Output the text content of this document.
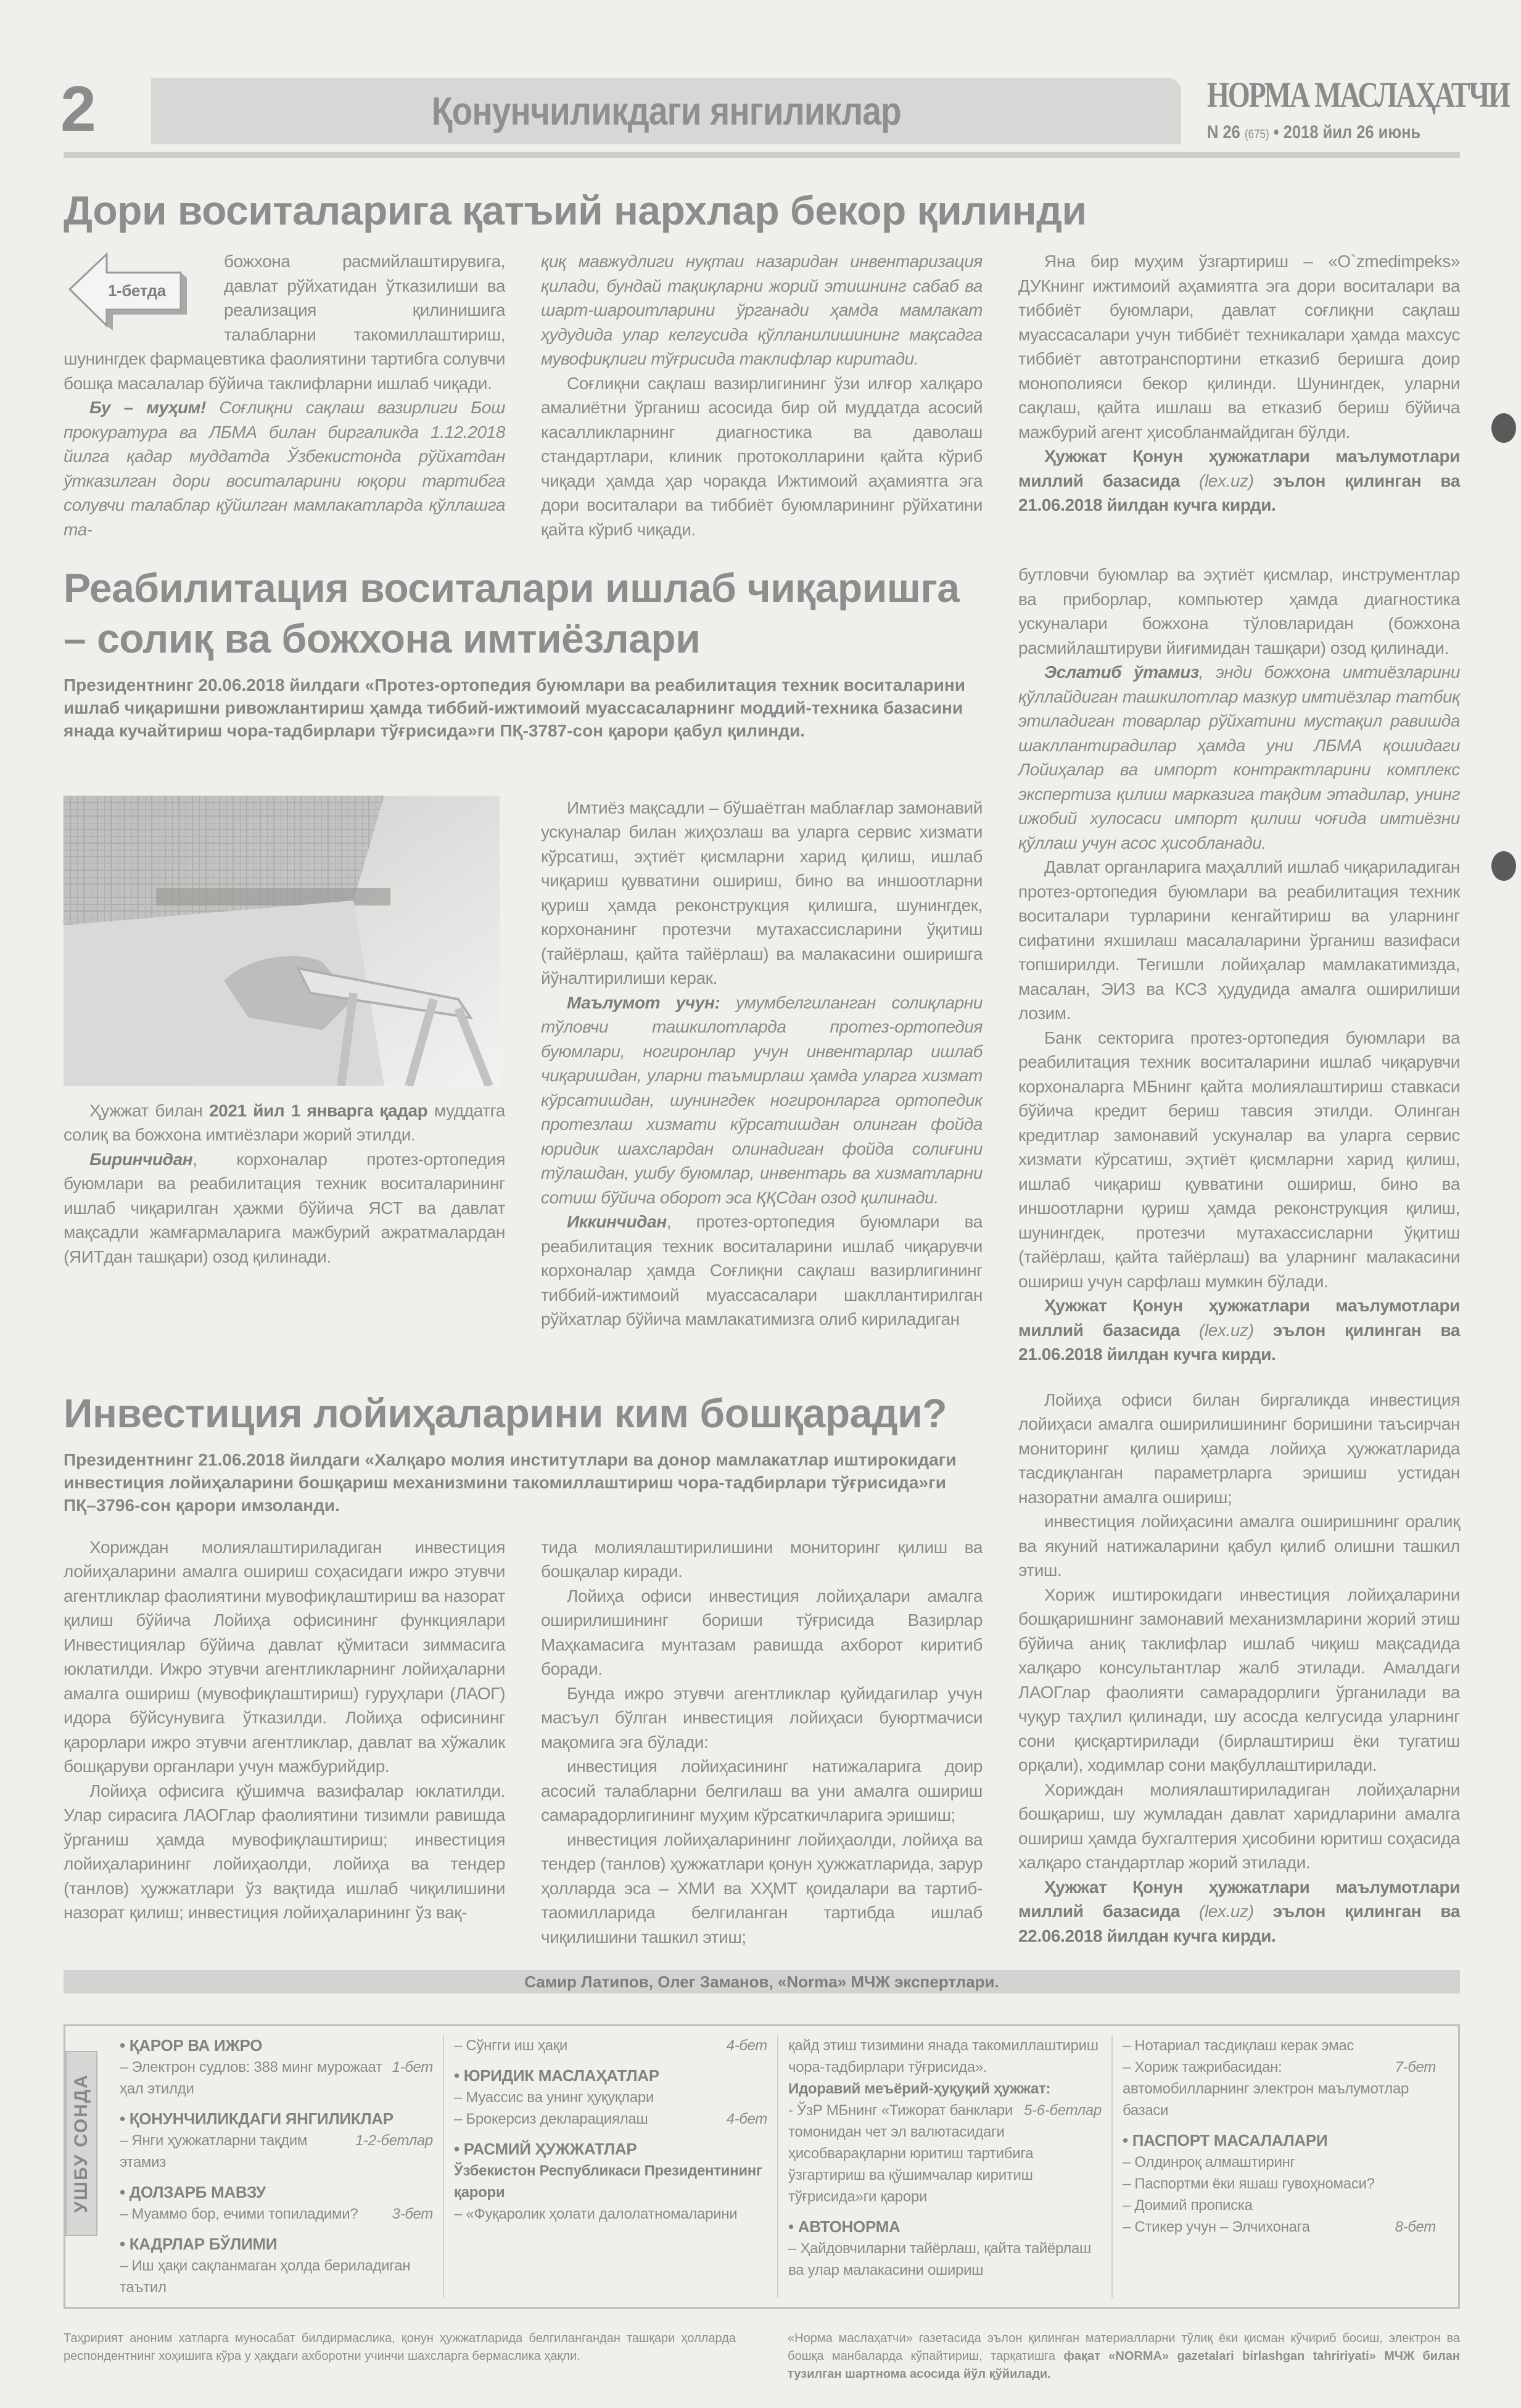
2	Қонунчиликдаги янгиликлар	НОРМА МАСЛАҲАТЧИ
N 26 (675) • 2018 йил 26 июнь
Дори воситаларига қатъий нархлар бекор қилинди
1-бетда

божхона расмийлаштирувига, давлат рўйхатидан ўтказилиши ва реализация қилинишига талабларни такомиллаштириш, шунингдек фармацевтика фаолиятини тартибга солувчи бошқа масалалар бўйича таклифларни ишлаб чиқади.

Бу – муҳим! Соғлиқни сақлаш вазирлиги Бош прокуратура ва ЛБМА билан биргаликда 1.12.2018 йилга қадар муддатда Ўзбекистонда рўйхатдан ўтказилган дори воситаларини юқори тартибга солувчи талаблар қўйилган мамлакатларда қўллашга та-

қиқ мавжудлиги нуқтаи назаридан инвентаризация қилади, бундай тақиқларни жорий этишнинг сабаб ва шарт-шароитларини ўрганади ҳамда мамлакат ҳудудида улар келгусида қўлланилишининг мақсадга мувофиқлиги тўғрисида таклифлар киритади.

Соғлиқни сақлаш вазирлигининг ўзи илғор халқаро амалиётни ўрганиш асосида бир ой муддатда асосий касалликларнинг диагностика ва даволаш стандартлари, клиник протоколларини қайта кўриб чиқади ҳамда ҳар чоракда Ижтимоий аҳамиятга эга дори воситалари ва тиббиёт буюмларининг рўйхатини қайта кўриб чиқади.

Яна бир муҳим ўзгартириш – «O`zmedimpeks» ДУКнинг ижтимоий аҳамиятга эга дори воситалари ва тиббиёт буюмлари, давлат соғлиқни сақлаш муассасалари учун тиббиёт техникалари ҳамда махсус тиббиёт автотранспортини етказиб беришга доир монополияси бекор қилинди. Шунингдек, уларни сақлаш, қайта ишлаш ва етказиб бериш бўйича мажбурий агент ҳисобланмайдиган бўлди.

Ҳужжат Қонун ҳужжатлари маълумотлари миллий базасида (lex.uz) эълон қилинган ва 21.06.2018 йилдан кучга кирди.

Реабилитация воситалари ишлаб чиқаришга – солиқ ва божхона имтиёзлари
Президентнинг 20.06.2018 йилдаги «Протез-ортопедия буюмлари ва реабилитация техник воситаларини ишлаб чиқаришни ривожлантириш ҳамда тиббий-ижтимоий муассасаларнинг моддий-техника базасини янада кучайтириш чора-тадбирлари тўғрисида»ги ПҚ-3787-сон қарори қабул қилинди.

Ҳужжат билан 2021 йил 1 январга қадар муддатга солиқ ва божхона имтиёзлари жорий этилди.

Биринчидан, корхоналар протез-ортопедия буюмлари ва реабилитация техник воситаларининг ишлаб чиқарилган ҳажми бўйича ЯСТ ва давлат мақсадли жамғармаларига мажбурий ажратмалардан (ЯИТдан ташқари) озод қилинади.

Имтиёз мақсадли – бўшаётган маблағлар замонавий ускуналар билан жиҳозлаш ва уларга сервис хизмати кўрсатиш, эҳтиёт қисмларни харид қилиш, ишлаб чиқариш қувватини ошириш, бино ва иншоотларни қуриш ҳамда реконструкция қилишга, шунингдек, корхонанинг протезчи мутахассисларини ўқитиш (тайёрлаш, қайта тайёрлаш) ва малакасини оширишга йўналтирилиши керак.

Маълумот учун: умумбелгиланган солиқларни тўловчи ташкилотларда протез-ортопедия буюмлари, ногиронлар учун инвентарлар ишлаб чиқаришдан, уларни таъмирлаш ҳамда уларга хизмат кўрсатишдан, шунингдек ногиронларга ортопедик протезлаш хизмати кўрсатишдан олинган фойда юридик шахслардан олинадиган фойда солиғини тўлашдан, ушбу буюмлар, инвентарь ва хизматларни сотиш бўйича оборот эса ҚҚСдан озод қилинади.

Иккинчидан, протез-ортопедия буюмлари ва реабилитация техник воситаларини ишлаб чиқарувчи корхоналар ҳамда Соғлиқни сақлаш вазирлигининг тиббий-ижтимоий муассасалари шакллантирилган рўйхатлар бўйича мамлакатимизга олиб кириладиган

бутловчи буюмлар ва эҳтиёт қисмлар, инструментлар ва приборлар, компьютер ҳамда диагностика ускуналари божхона тўловларидан (божхона расмийлаштируви йиғимидан ташқари) озод қилинади.

Эслатиб ўтамиз, энди божхона имтиёзларини қўллайдиган ташкилотлар мазкур имтиёзлар татбиқ этиладиган товарлар рўйхатини мустақил равишда шакллантирадилар ҳамда уни ЛБМА қошидаги Лойиҳалар ва импорт контрактларини комплекс экспертиза қилиш марказига тақдим этадилар, унинг ижобий хулосаси импорт қилиш чоғида имтиёзни қўллаш учун асос ҳисобланади.

Давлат органларига маҳаллий ишлаб чиқариладиган протез-ортопедия буюмлари ва реабилитация техник воситалари турларини кенгайтириш ва уларнинг сифатини яхшилаш масалаларини ўрганиш вазифаси топширилди. Тегишли лойиҳалар мамлакатимизда, масалан, ЭИЗ ва КСЗ ҳудудида амалга оширилиши лозим.

Банк секторига протез-ортопедия буюмлари ва реабилитация техник воситаларини ишлаб чиқарувчи корхоналарга МБнинг қайта молиялаштириш ставкаси бўйича кредит бериш тавсия этилди. Олинган кредитлар замонавий ускуналар ва уларга сервис хизмати кўрсатиш, эҳтиёт қисмларни харид қилиш, ишлаб чиқариш қувватини ошириш, бино ва иншоотларни қуриш ҳамда реконструкция қилиш, шунингдек, протезчи мутахассисларни ўқитиш (тайёрлаш, қайта тайёрлаш) ва уларнинг малакасини ошириш учун сарфлаш мумкин бўлади.

Ҳужжат Қонун ҳужжатлари маълумотлари миллий базасида (lex.uz) эълон қилинган ва 21.06.2018 йилдан кучга кирди.

Инвестиция лойиҳаларини ким бошқаради?
Президентнинг 21.06.2018 йилдаги «Халқаро молия институтлари ва донор мамлакатлар иштирокидаги инвестиция лойиҳаларини бошқариш механизмини такомиллаштириш чора-тадбирлари тўғрисида»ги ПҚ–3796-сон қарори имзоланди.

Хориждан молиялаштириладиган инвестиция лойиҳаларини амалга ошириш соҳасидаги ижро этувчи агентликлар фаолиятини мувофиқлаштириш ва назорат қилиш бўйича Лойиҳа офисининг функциялари Инвестициялар бўйича давлат қўмитаси зиммасига юклатилди. Ижро этувчи агентликларнинг лойиҳаларни амалга ошириш (мувофиқлаштириш) гуруҳлари (ЛАОГ) идора бўйсунувига ўтказилди. Лойиҳа офисининг қарорлари ижро этувчи агентликлар, давлат ва хўжалик бошқаруви органлари учун мажбурийдир.

Лойиҳа офисига қўшимча вазифалар юклатилди. Улар сирасига ЛАОГлар фаолиятини тизимли равишда ўрганиш ҳамда мувофиқлаштириш; инвестиция лойиҳаларининг лойиҳаолди, лойиҳа ва тендер (танлов) ҳужжатлари ўз вақтида ишлаб чиқилишини назорат қилиш; инвестиция лойиҳаларининг ўз вақ-

тида молиялаштирилишини мониторинг қилиш ва бошқалар киради.

Лойиҳа офиси инвестиция лойиҳалари амалга оширилишининг бориши тўғрисида Вазирлар Маҳкамасига мунтазам равишда ахборот киритиб боради.

Бунда ижро этувчи агентликлар қуйидагилар учун масъул бўлган инвестиция лойиҳаси буюртмачиси мақомига эга бўлади:

инвестиция лойиҳасининг натижаларига доир асосий талабларни белгилаш ва уни амалга ошириш самарадорлигининг муҳим кўрсаткичларига эришиш;

инвестиция лойиҳаларининг лойиҳаолди, лойиҳа ва тендер (танлов) ҳужжатлари қонун ҳужжатларида, зарур ҳолларда эса – ХМИ ва ХҲМТ қоидалари ва тартиб-таомилларида белгиланган тартибда ишлаб чиқилишини ташкил этиш;

Лойиҳа офиси билан биргаликда инвестиция лойиҳаси амалга оширилишининг боришини таъсирчан мониторинг қилиш ҳамда лойиҳа ҳужжатларида тасдиқланган параметрларга эришиш устидан назоратни амалга ошириш;

инвестиция лойиҳасини амалга оширишнинг оралиқ ва якуний натижаларини қабул қилиб олишни ташкил этиш.

Хориж иштирокидаги инвестиция лойиҳаларини бошқаришнинг замонавий механизмларини жорий этиш бўйича аниқ таклифлар ишлаб чиқиш мақсадида халқаро консультантлар жалб этилади. Амалдаги ЛАОГлар фаолияти самарадорлиги ўрганилади ва чуқур таҳлил қилинади, шу асосда келгусида уларнинг сони қисқартирилади (бирлаштириш ёки тугатиш орқали), ходимлар сони мақбуллаштирилади.

Хориждан молиялаштириладиган лойиҳаларни бошқариш, шу жумладан давлат харидларини амалга ошириш ҳамда бухгалтерия ҳисобини юритиш соҳасида халқаро стандартлар жорий этилади.

Ҳужжат Қонун ҳужжатлари маълумотлари миллий базасида (lex.uz) эълон қилинган ва 22.06.2018 йилдан кучга кирди.

Самир Латипов, Олег Заманов, «Norma» МЧЖ экспертлари.
УШБУ СОНДА
• ҚАРОР ВА ИЖРО
1-бет
– Электрон судлов: 388 минг мурожаат ҳал этилди
• ҚОНУНЧИЛИКДАГИ ЯНГИЛИКЛАР
1-2-бетлар
– Янги ҳужжатларни тақдим этамиз
• ДОЛЗАРБ МАВЗУ
3-бет
– Муаммо бор, ечими топиладими?
• КАДРЛАР БЎЛИМИ
– Иш ҳақи сақланмаган ҳолда бериладиган таътил
4-бет
– Сўнгги иш ҳақи
• ЮРИДИК МАСЛАҲАТЛАР
– Муассис ва унинг ҳуқуқлари
4-бет
– Брокерсиз декларациялаш
• РАСМИЙ ҲУЖЖАТЛАР
Ўзбекистон Республикаси Президентининг қарори
– «Фуқаролик ҳолати далолатномаларини
қайд этиш тизимини янада такомиллаштириш чора-тадбирлари тўғрисида».
Идоравий меъёрий-ҳуқуқий ҳужжат:
5-6-бетлар
- ЎзР МБнинг «Тижорат банклари томонидан чет эл валютасидаги ҳисобварақларни юритиш тартибига ўзгартириш ва қўшимчалар киритиш тўғрисида»ги қарори
• АВТОНОРМА
– Ҳайдовчиларни тайёрлаш, қайта тайёрлаш ва улар малакасини ошириш
– Нотариал тасдиқлаш керак эмас
7-бет
– Хориж тажрибасидан: автомобилларнинг электрон маълумотлар базаси
• ПАСПОРТ МАСАЛАЛАРИ
– Олдинроқ алмаштиринг
– Паспортми ёки яшаш гувоҳномаси?
– Доимий прописка
8-бет
– Стикер учун – Элчихонага
Таҳририят аноним хатларга муносабат билдирмаслика, қонун ҳужжатларида белгилангандан ташқари ҳолларда респондентнинг хоҳишига кўра у ҳақдаги ахборотни учинчи шахсларга бермаслика ҳақли.
«Норма маслаҳатчи» газетасида эълон қилинган материалларни тўлиқ ёки қисман кўчириб босиш, электрон ва бошқа манбаларда кўпайтириш, тарқатишга фақат «NORMA» gazetalari birlashgan tahririyati» МЧЖ билан тузилган шартнома асосида йўл қўйилади.
